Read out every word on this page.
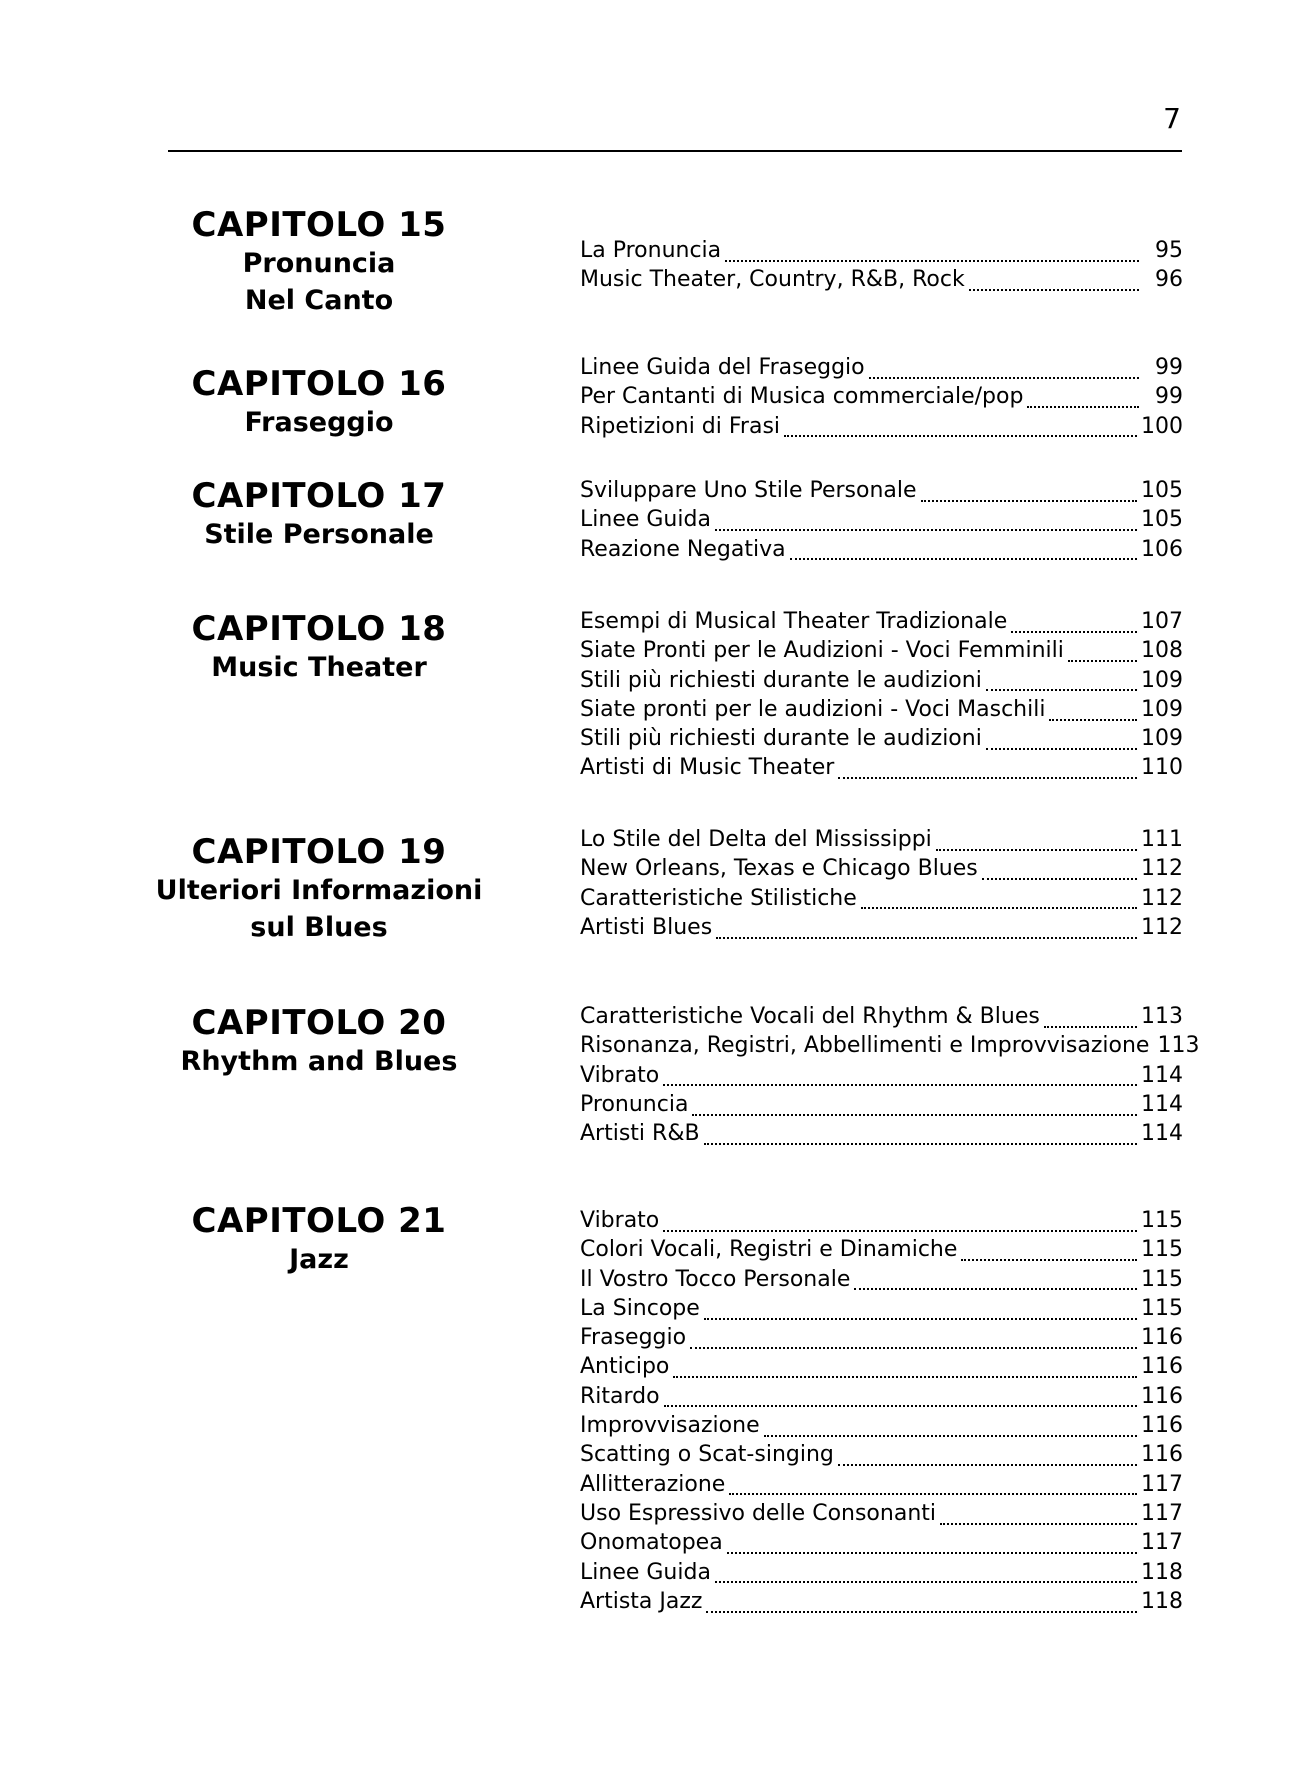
7
CAPITOLO 15
Pronuncia
Nel Canto
La Pronuncia	95
Music Theater, Country, R&B, Rock	96
CAPITOLO 16
Fraseggio
Linee Guida del Fraseggio	99
Per Cantanti di Musica commerciale/pop	99
Ripetizioni di Frasi	100
CAPITOLO 17
Stile Personale
Sviluppare Uno Stile Personale	105
Linee Guida	105
Reazione Negativa	106
CAPITOLO 18
Music Theater
Esempi di Musical Theater Tradizionale	107
Siate Pronti per le Audizioni - Voci Femminili	108
Stili più richiesti durante le audizioni	109
Siate pronti per le audizioni - Voci Maschili	109
Stili più richiesti durante le audizioni	109
Artisti di Music Theater	110
CAPITOLO 19
Ulteriori Informazioni
sul Blues
Lo Stile del Delta del Mississippi	111
New Orleans, Texas e Chicago Blues	112
Caratteristiche Stilistiche	112
Artisti Blues	112
CAPITOLO 20
Rhythm and Blues
Caratteristiche Vocali del Rhythm & Blues	113
Risonanza, Registri, Abbellimenti e Improvvisazione 113
Vibrato	114
Pronuncia	114
Artisti R&B	114
CAPITOLO 21
Jazz
Vibrato	115
Colori Vocali, Registri e Dinamiche	115
Il Vostro Tocco Personale	115
La Sincope	115
Fraseggio	116
Anticipo	116
Ritardo	116
Improvvisazione	116
Scatting o Scat-singing	116
Allitterazione	117
Uso Espressivo delle Consonanti	117
Onomatopea	117
Linee Guida	118
Artista Jazz	118
